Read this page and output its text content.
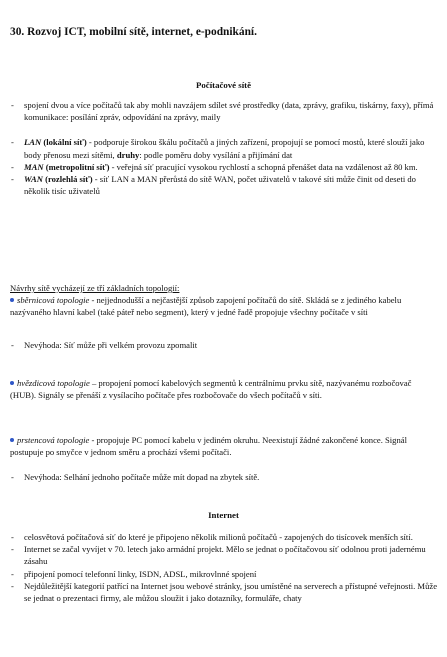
30. Rozvoj ICT, mobilní sítě, internet, e-podnikání.
Počítačové sítě
- spojení dvou a více počítačů tak aby mohli navzájem sdílet své prostředky (data, zprávy, grafiku, tiskárny, faxy), přímá komunikace: posílání zpráv, odpovídání na zprávy, maily
- LAN (lokální síť) - podporuje širokou škálu počítačů a jiných zařízení, propojují se pomocí mostů, které slouží jako body přenosu mezi sítěmi, druhy: podle poměru doby vysílání a přijímání dat
- MAN (metropolitní síť) - veřejná síť pracující vysokou rychlostí a schopná přenášet data na vzdálenost až 80 km.
- WAN (rozlehlá síť) - síť LAN a MAN přerůstá do sítě WAN, počet uživatelů v takové síti může činit od deseti do několik tisíc uživatelů
Návrhy sítě vycházejí ze tří základních topologií:
sběrnicová topologie - nejjednodušší a nejčastější způsob zapojení počítačů do sítě. Skládá se z jediného kabelu nazývaného hlavní kabel (také páteř nebo segment), který v jedné řadě propojuje všechny počítače v síti
- Nevýhoda: Síť může při velkém provozu zpomalit
hvězdicová topologie – propojení pomocí kabelových segmentů k centrálnímu prvku sítě, nazývanému rozbočovač (HUB). Signály se přenáší z vysílacího počítače přes rozbočovače do všech počítačů v síti.
prstencová topologie - propojuje PC pomocí kabelu v jediném okruhu. Neexistují žádné zakončené konce. Signál postupuje po smyčce v jednom směru a prochází všemi počítači.
- Nevýhoda: Selhání jednoho počítače může mít dopad na zbytek sítě.
Internet
- celosvětová počítačová síť do které je připojeno několik milionů počítačů - zapojených do tisícovek menších sítí.
- Internet se začal vyvíjet v 70. letech jako armádní projekt. Mělo se jednat o počítačovou síť odolnou proti jadernému zásahu
- připojení pomocí telefonní linky, ISDN, ADSL, mikrovlnné spojení
- Nejdůležitější kategorií patřící na Internet jsou webové stránky, jsou umístěné na serverech a přístupné veřejnosti. Může se jednat o prezentaci firmy, ale můžou sloužit i jako dotazníky, formuláře, chaty
